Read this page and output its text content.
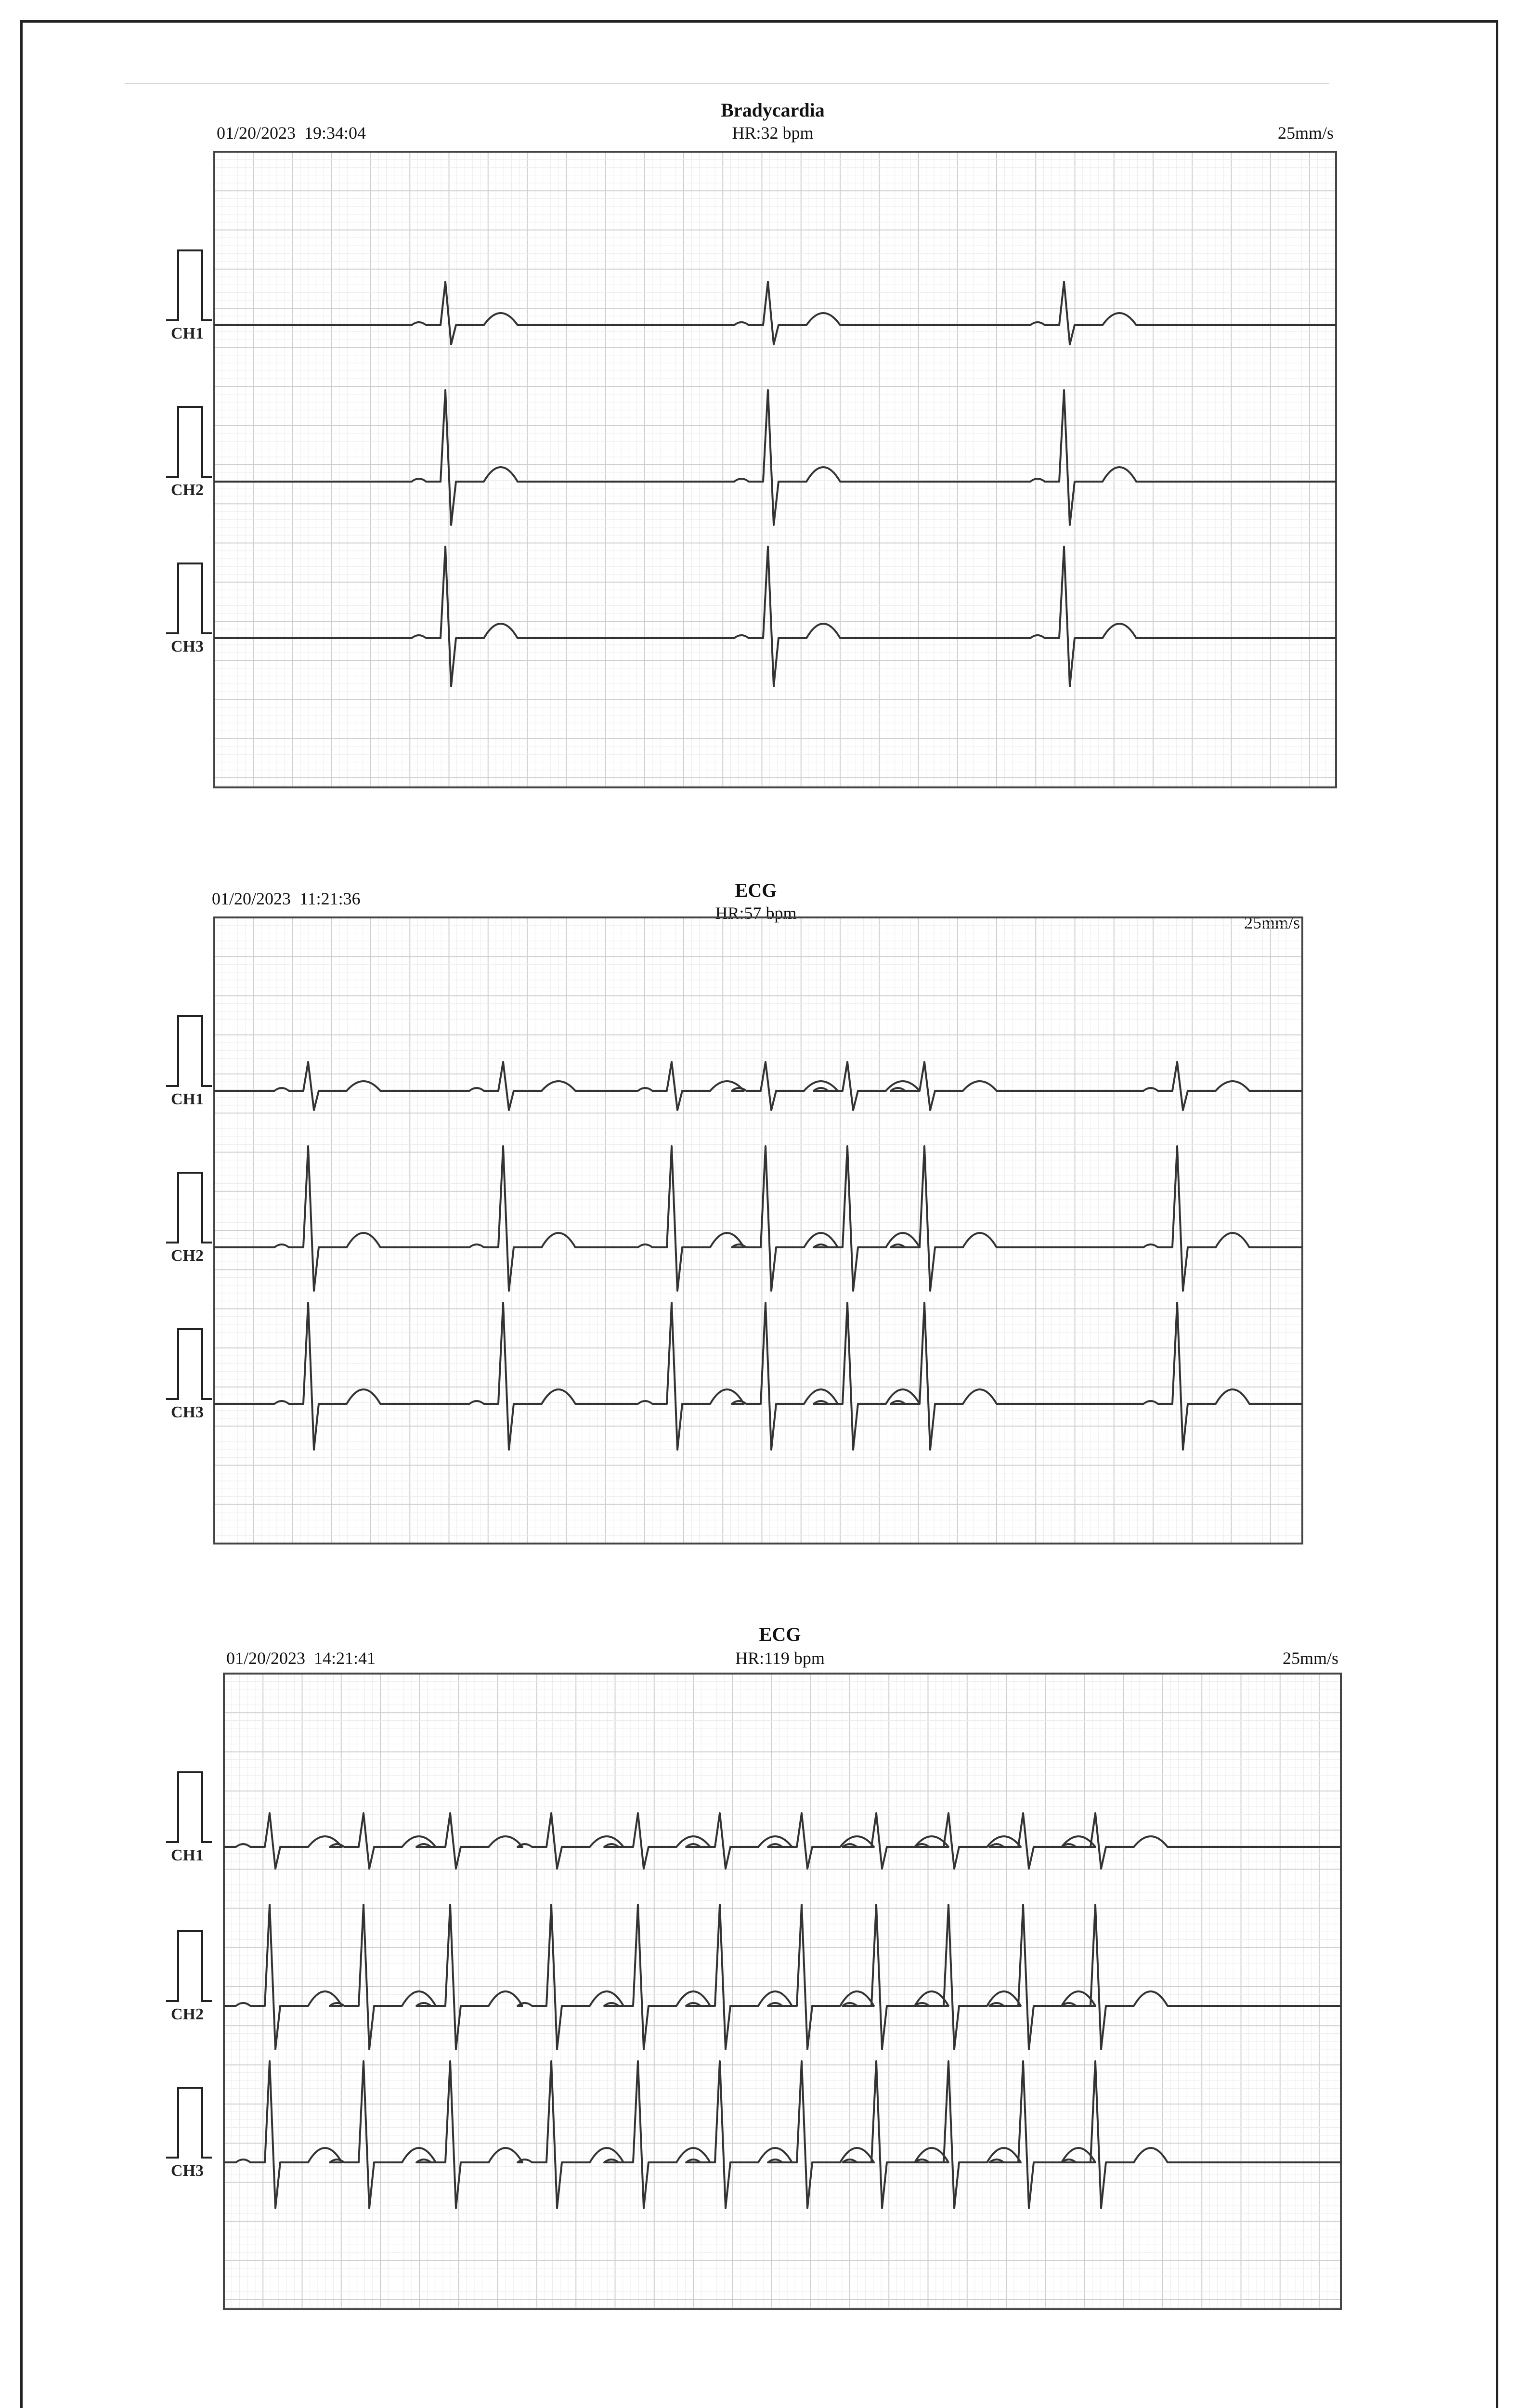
Bradycardia
01/20/2023  19:34:04	HR:32 bpm	25mm/s
CH1
CH2
CH3
ECG
01/20/2023  11:21:36
HR:57 bpm	25mm/s
CH1
CH2
CH3
ECG
01/20/2023  14:21:41	HR:119 bpm	25mm/s
CH1
CH2
CH3
